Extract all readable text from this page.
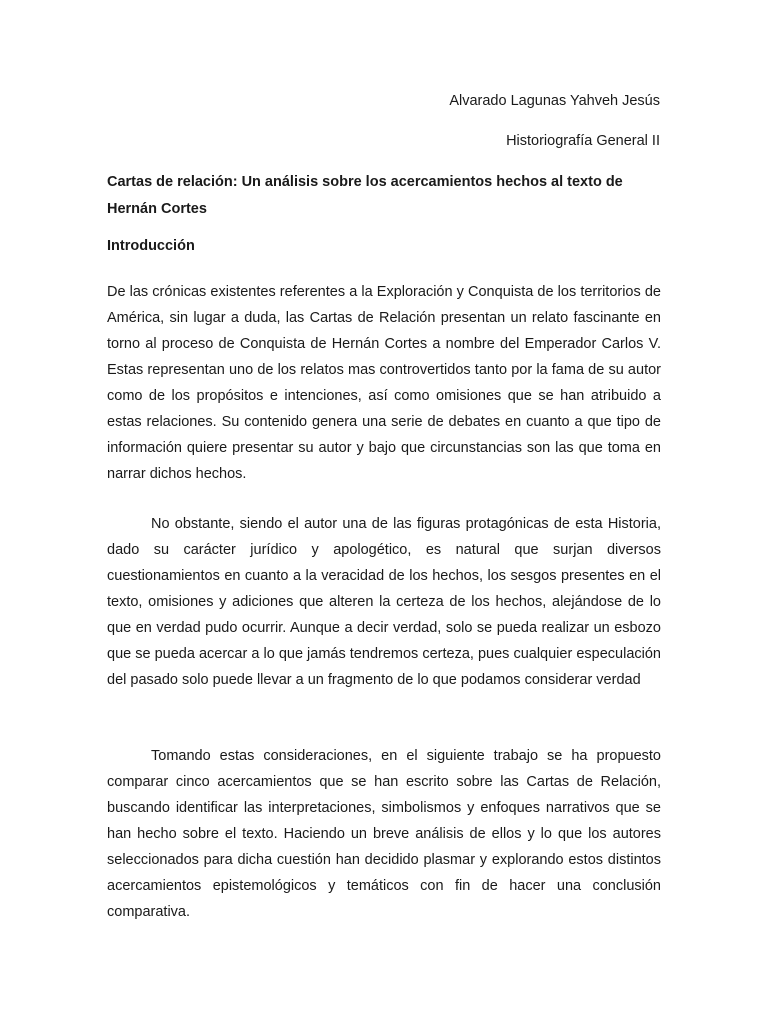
Alvarado Lagunas Yahveh Jesús
Historiografía General II
Cartas de relación: Un análisis sobre los acercamientos hechos al texto de Hernán Cortes
Introducción

De las crónicas existentes referentes a la Exploración y Conquista de los territorios de América, sin lugar a duda, las Cartas de Relación presentan un relato fascinante en torno al proceso de Conquista de Hernán Cortes a nombre del Emperador Carlos V. Estas representan uno de los relatos mas controvertidos tanto por la fama de su autor como de los propósitos e intenciones, así como omisiones que se han atribuido a estas relaciones. Su contenido genera una serie de debates en cuanto a que tipo de información quiere presentar su autor y bajo que circunstancias son las que toma en narrar dichos hechos.

No obstante, siendo el autor una de las figuras protagónicas de esta Historia, dado su carácter jurídico y apologético, es natural que surjan diversos cuestionamientos en cuanto a la veracidad de los hechos, los sesgos presentes en el texto, omisiones y adiciones que alteren la certeza de los hechos, alejándose de lo que en verdad pudo ocurrir. Aunque a decir verdad, solo se pueda realizar un esbozo que se pueda acercar a lo que jamás tendremos certeza, pues cualquier especulación del pasado solo puede llevar a un fragmento de lo que podamos considerar verdad

Tomando estas consideraciones, en el siguiente trabajo se ha propuesto comparar cinco acercamientos que se han escrito sobre las Cartas de Relación, buscando identificar las interpretaciones, simbolismos y enfoques narrativos que se han hecho sobre el texto. Haciendo un breve análisis de ellos y lo que los autores seleccionados para dicha cuestión han decidido plasmar y explorando estos distintos acercamientos epistemológicos y temáticos con fin de hacer una conclusión comparativa.
